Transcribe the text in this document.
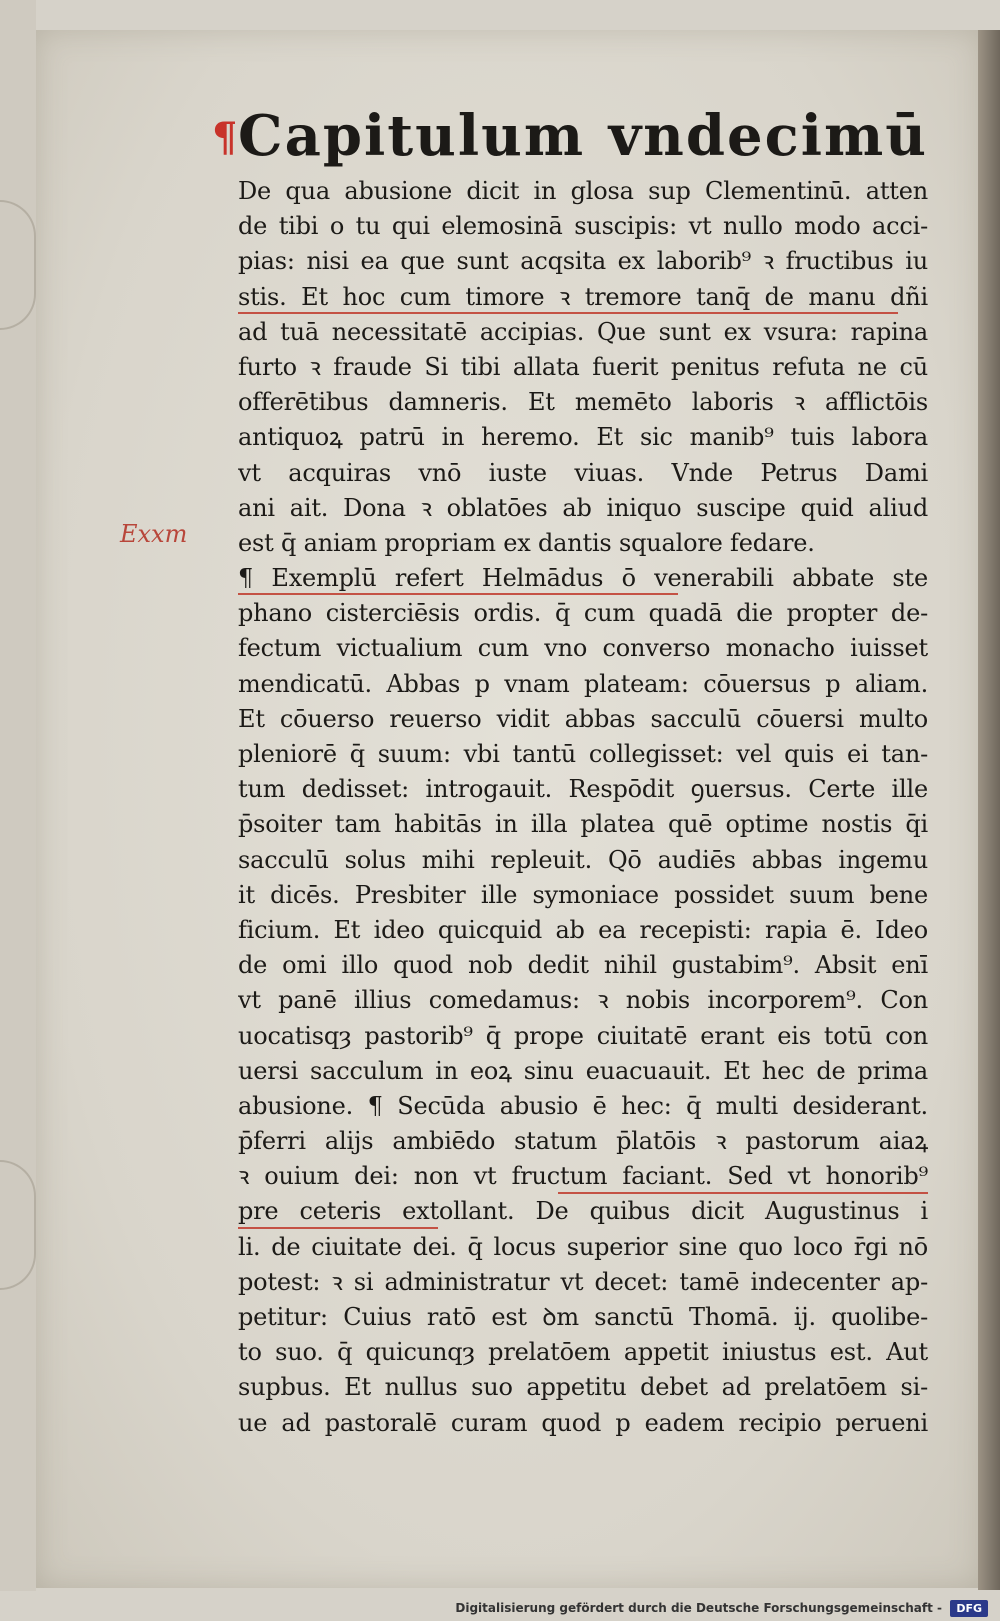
Exxm
¶ Capitulum vndecimū
De qua abusione dicit in glosa sup Clementinū. atten
de tibi o tu qui elemosinā suscipis: vt nullo modo acci-
pias: nisi ea que sunt acqsita ex laborib⁹ ꝛ fructibus iu
stis. Et hoc cum timore ꝛ tremore tanq̄ de manu dñi
ad tuā necessitatē accipias. Que sunt ex vsura: rapina
furto ꝛ fraude Si tibi allata fuerit penitus refuta ne cū
offerētibus damneris. Et memēto laboris ꝛ afflictōis
antiquoꝝ patrū in heremo. Et sic manib⁹ tuis labora
vt acquiras vnō iuste viuas. Vnde Petrus Dami
ani ait. Dona ꝛ oblatōes ab iniquo suscipe quid aliud
est q̄ aniam propriam ex dantis squalore fedare.
¶ Exemplū refert Helmādus ō venerabili abbate ste
phano cisterciēsis ordis. q̄ cum quadā die propter de-
fectum victualium cum vno converso monacho iuisset
mendicatū. Abbas p vnam plateam: cōuersus p aliam.
Et cōuerso reuerso vidit abbas sacculū cōuersi multo
pleniorē q̄ suum: vbi tantū collegisset: vel quis ei tan-
tum dedisset: introgauit. Respōdit ꝯuersus. Certe ille
p̄soiter tam habitās in illa platea quē optime nostis q̄i
sacculū solus mihi repleuit. Qō audiēs abbas ingemu
it dicēs. Presbiter ille symoniace possidet suum bene
ficium. Et ideo quicquid ab ea recepisti: rapia ē. Ideo
de omi illo quod nob dedit nihil gustabim⁹. Absit enī
vt panē illius comedamus: ꝛ nobis incorporem⁹. Con
uocatisqȝ pastorib⁹ q̄ prope ciuitatē erant eis totū con
uersi sacculum in eoꝝ sinu euacuauit. Et hec de prima
abusione. ¶ Secūda abusio ē hec: q̄ multi desiderant.
p̄ferri alijs ambiēdo statum p̄latōis ꝛ pastorum aiaꝝ
ꝛ ouium dei: non vt fructum faciant. Sed vt honorib⁹
pre ceteris extollant. De quibus dicit Augustinus i
li. de ciuitate dei. q̄ locus superior sine quo loco r̄gi nō
potest: ꝛ si administratur vt decet: tamē indecenter ap-
petitur: Cuius ratō est ꝺm sanctū Thomā. ij. quolibe-
to suo. q̄ quicunqȝ prelatōem appetit iniustus est. Aut
supbus. Et nullus suo appetitu debet ad prelatōem si-
ue ad pastoralē curam quod p eadem recipio perueni
Digitalisierung gefördert durch die Deutsche Forschungsgemeinschaft -	DFG
